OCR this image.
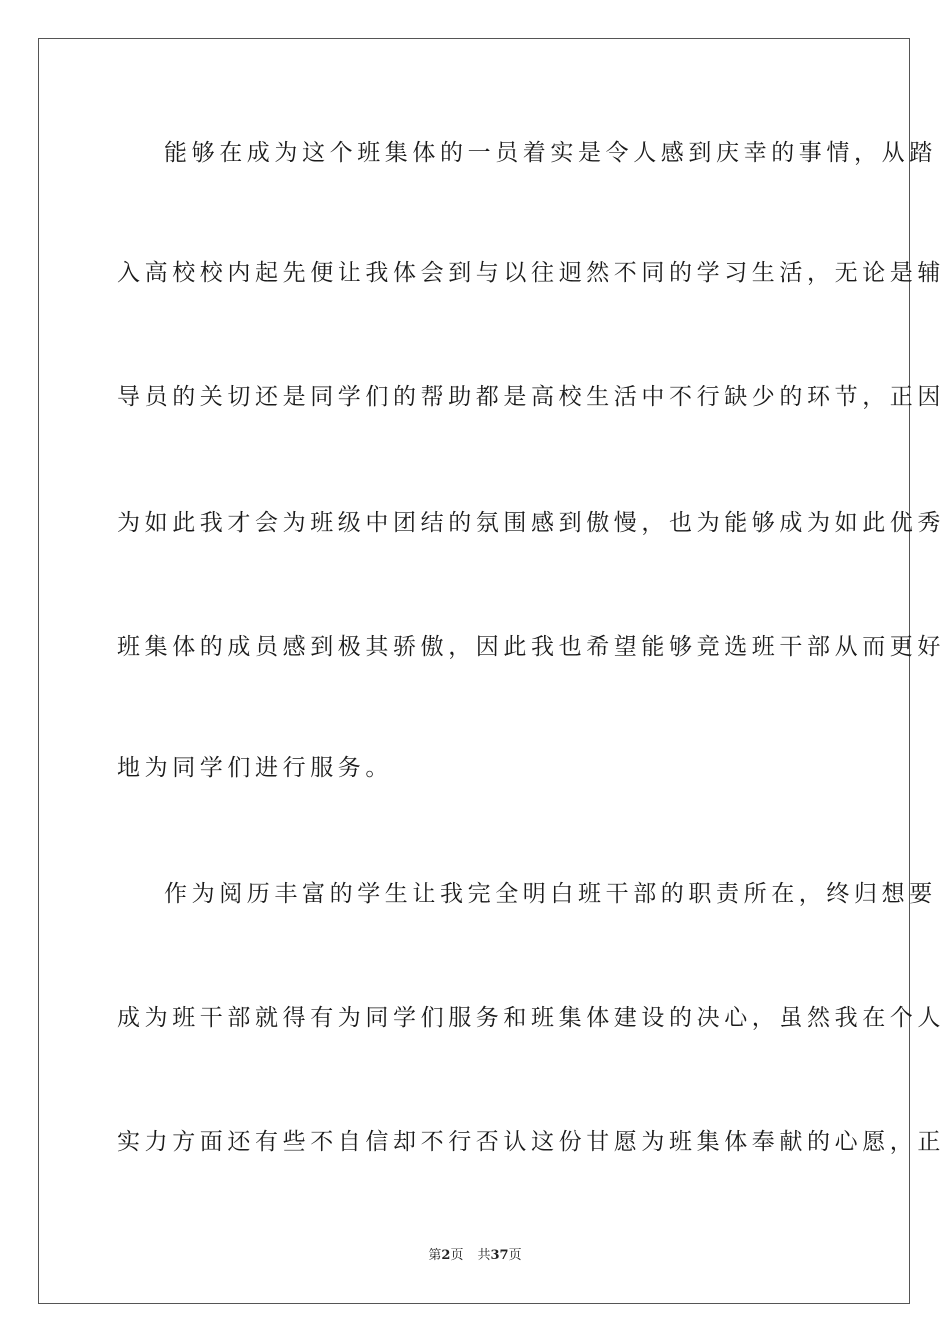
能够在成为这个班集体的一员着实是令人感到庆幸的事情，从踏
入高校校内起先便让我体会到与以往迥然不同的学习生活，无论是辅
导员的关切还是同学们的帮助都是高校生活中不行缺少的环节，正因
为如此我才会为班级中团结的氛围感到傲慢，也为能够成为如此优秀
班集体的成员感到极其骄傲，因此我也希望能够竞选班干部从而更好
地为同学们进行服务。
作为阅历丰富的学生让我完全明白班干部的职责所在，终归想要
成为班干部就得有为同学们服务和班集体建设的决心，虽然我在个人
实力方面还有些不自信却不行否认这份甘愿为班集体奉献的心愿，正
第2页 共37页
